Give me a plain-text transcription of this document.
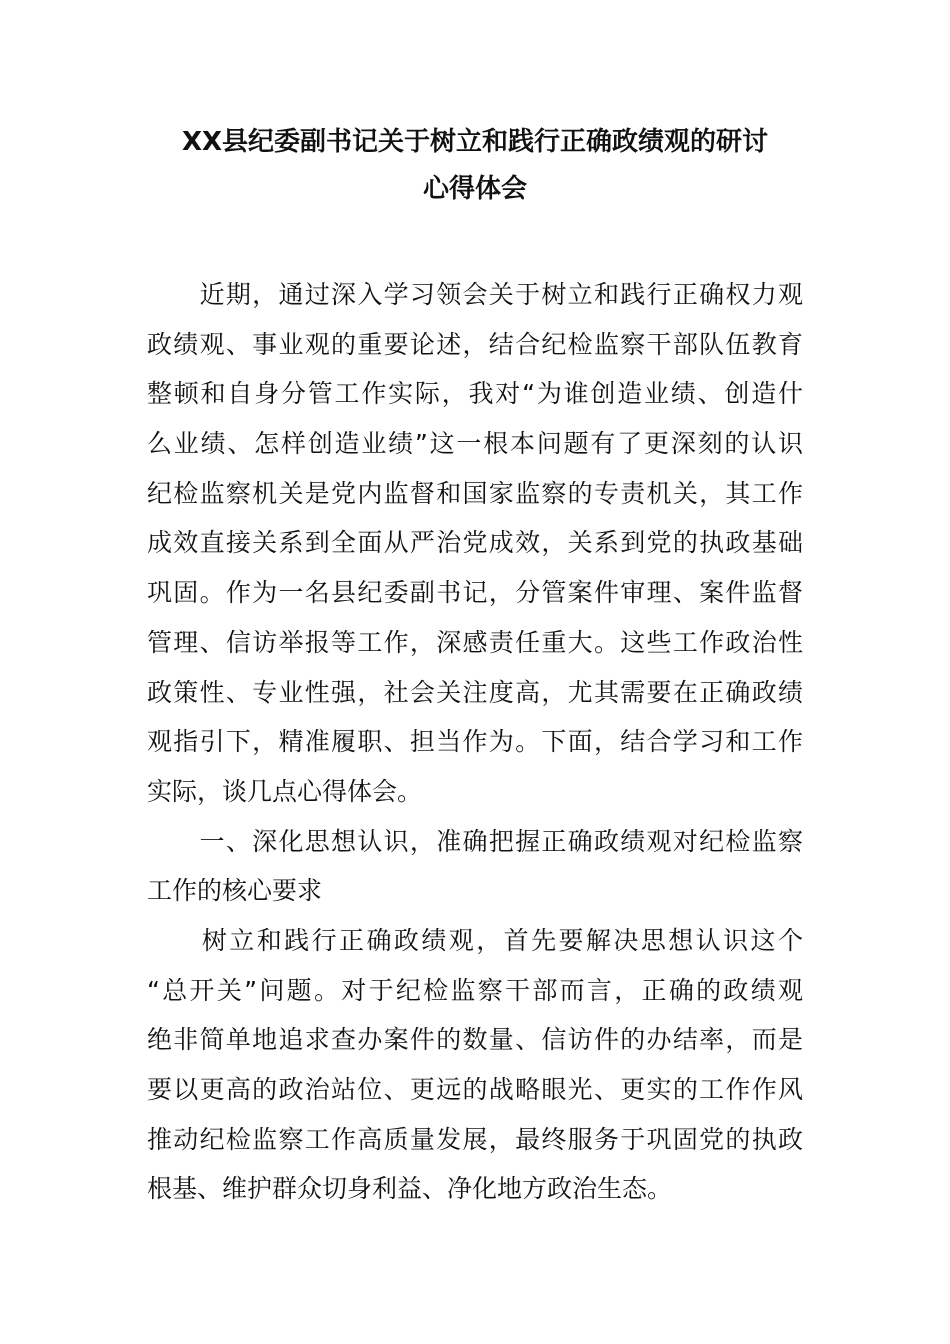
XX县纪委副书记关于树立和践行正确政绩观的研讨
心得体会
　　近期，通过深入学习领会关于树立和践行正确权力观
政绩观、事业观的重要论述，结合纪检监察干部队伍教育
整顿和自身分管工作实际，我对“为谁创造业绩、创造什
么业绩、怎样创造业绩”这一根本问题有了更深刻的认识
纪检监察机关是党内监督和国家监察的专责机关，其工作
成效直接关系到全面从严治党成效，关系到党的执政基础
巩固。作为一名县纪委副书记，分管案件审理、案件监督
管理、信访举报等工作，深感责任重大。这些工作政治性
政策性、专业性强，社会关注度高，尤其需要在正确政绩
观指引下，精准履职、担当作为。下面，结合学习和工作
实际，谈几点心得体会。
　　一、深化思想认识，准确把握正确政绩观对纪检监察
工作的核心要求
　　树立和践行正确政绩观，首先要解决思想认识这个
“总开关”问题。对于纪检监察干部而言，正确的政绩观
绝非简单地追求查办案件的数量、信访件的办结率，而是
要以更高的政治站位、更远的战略眼光、更实的工作作风
推动纪检监察工作高质量发展，最终服务于巩固党的执政
根基、维护群众切身利益、净化地方政治生态。
